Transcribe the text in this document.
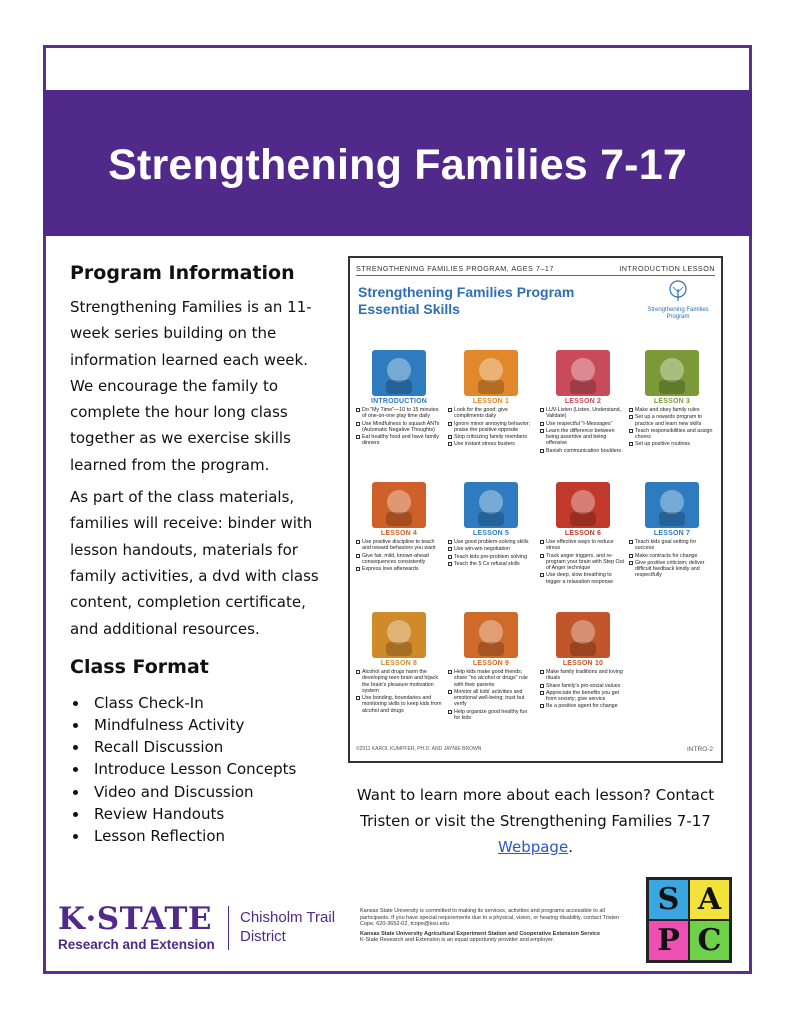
Strengthening Families 7-17
Program Information

Strengthening Families is an 11-week series building on the information learned each week. We encourage the family to complete the hour long class together as we exercise skills learned from the program.

As part of the class materials, families will receive: binder with lesson handouts, materials for family activities, a dvd with class content, completion certificate, and additional resources.

Class Format
Class Check-In
Mindfulness Activity
Recall Discussion
Introduce Lesson Concepts
Video and Discussion
Review Handouts
Lesson Reflection
STRENGTHENING FAMILIES PROGRAM, AGES 7–17	INTRODUCTION LESSON
Strengthening Families Program Essential Skills	Strengthening Families Program
INTRODUCTION
Do "My Time"—10 to 15 minutes of one-on-one play time daily
Use Mindfulness to squash ANTs (Automatic Negative Thoughts)
Eat healthy food and have family dinners
LESSON 1
Look for the good; give compliments daily
Ignore minor annoying behavior; praise the positive opposite
Stop criticizing family members
Use instant stress busters
LESSON 2
LUV-Listen (Listen, Understand, Validate)
Use respectful "I-Messages"
Learn the difference between being assertive and being offensive
Banish communication boulders
LESSON 3
Make and obey family rules
Set up a rewards program to practice and learn new skills
Teach responsibilities and assign chores
Set up positive routines
LESSON 4
Use positive discipline to teach and reward behaviors you want
Give fair, mild, known-ahead consequences consistently
Express love afterwards
LESSON 5
Use good problem-solving skills
Use win-win negotiation
Teach kids pre-problem solving
Teach the 5 Cs refusal skills
LESSON 6
Use effective ways to reduce stress
Track anger triggers, and re-program your brain with Step Out of Anger technique
Use deep, slow breathing to trigger a relaxation response
LESSON 7
Teach kids goal setting for success
Make contracts for change
Give positive criticism; deliver difficult feedback kindly and respectfully
LESSON 8
Alcohol and drugs harm the developing teen brain and hijack the brain's pleasure motivation system
Use bonding, boundaries and monitoring skills to keep kids from alcohol and drugs
LESSON 9
Help kids make good friends; share "no alcohol or drugs" rule with their parents
Monitor all kids' activities and emotional well-being; trust but verify
Help organize good healthy fun for kids
LESSON 10
Make family traditions and loving rituals
Share family's pro-social values
Appreciate the benefits you get from society; give service
Be a positive agent for change
©2011 KAROL KUMPFER, PH.D. AND JAYNIE BROWN	INTRO-2
Want to learn more about each lesson? Contact Tristen or visit the Strengthening Families 7-17 Webpage.
K·STATE
Research and Extension
Chisholm Trail
District
Kansas State University is committed to making its services, activities and programs accessible to all participants. If you have special requirements due to a physical, vision, or hearing disability, contact Tristen Cope, 620-3652-02, tcope@ksu.edu.
Kansas State University Agricultural Experiment Station and Cooperative Extension Service
K-State Research and Extension is an equal opportunity provider and employer.
S A
P C
